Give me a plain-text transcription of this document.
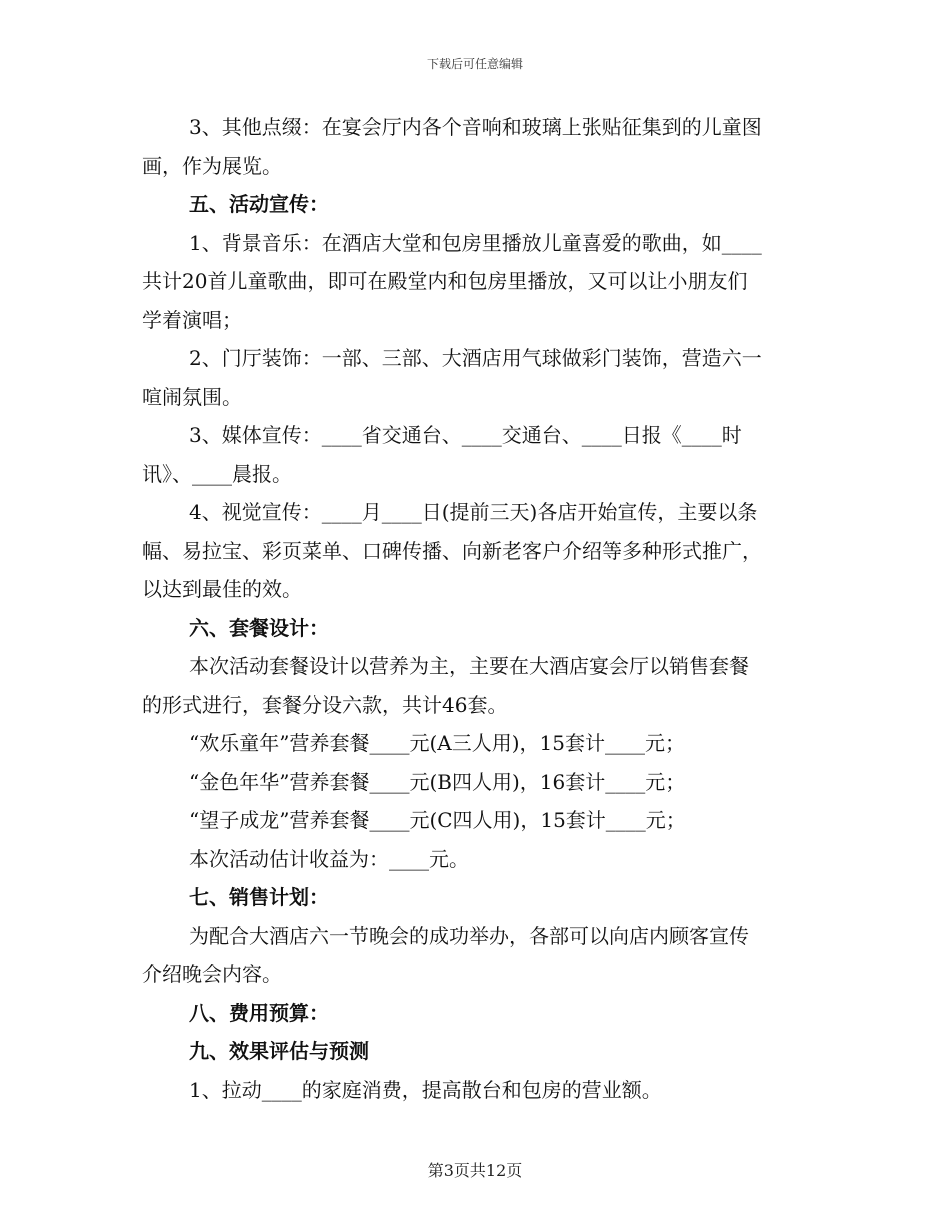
下载后可任意编辑

3、其他点缀：在宴会厅内各个音响和玻璃上张贴征集到的儿童图

画，作为展览。

五、活动宣传：

1、背景音乐：在酒店大堂和包房里播放儿童喜爱的歌曲，如____

共计20首儿童歌曲，即可在殿堂内和包房里播放，又可以让小朋友们

学着演唱；

2、门厅装饰：一部、三部、大酒店用气球做彩门装饰，营造六一

喧闹氛围。

3、媒体宣传：____省交通台、____交通台、____日报《____时

讯》、____晨报。

4、视觉宣传：____月____日(提前三天)各店开始宣传，主要以条

幅、易拉宝、彩页菜单、口碑传播、向新老客户介绍等多种形式推广，

以达到最佳的效。

六、套餐设计：

本次活动套餐设计以营养为主，主要在大酒店宴会厅以销售套餐

的形式进行，套餐分设六款，共计46套。

“欢乐童年”营养套餐____元(A三人用)，15套计____元；

“金色年华”营养套餐____元(B四人用)，16套计____元；

“望子成龙”营养套餐____元(C四人用)，15套计____元；

本次活动估计收益为：____元。

七、销售计划：

为配合大酒店六一节晚会的成功举办，各部可以向店内顾客宣传

介绍晚会内容。

八、费用预算：

九、效果评估与预测

1、拉动____的家庭消费，提高散台和包房的营业额。

第3页共12页
